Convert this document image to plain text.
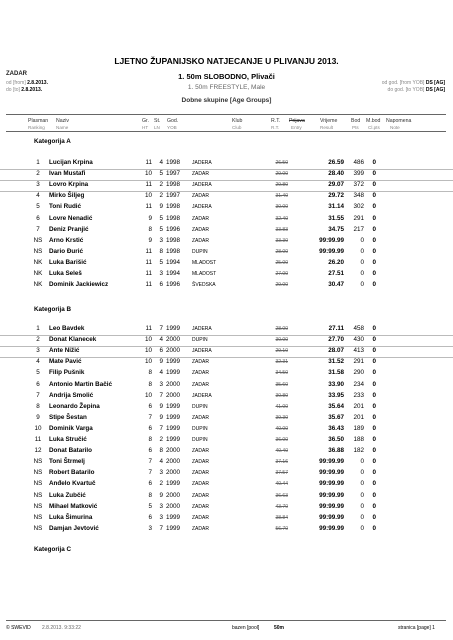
LJETNO ŽUPANIJSKO NATJECANJE U PLIVANJU 2013.
ZADAR	1. 50m SLOBODNO, Plivači
od [from] 2.8.2013.
do [to] 2.8.2013.	1. 50m FREESTYLE, Male
od god. [from YOB] DS [AG]
do god. [to YOB] DS [AG]
Dobne skupine [Age Groups]
Plasman Naziv	Gr. St. God.	Klub	R.T. Prijava	Vrijeme	Bod M.bod Napomena
Ranking Name	HT LN YOB	Club	R.T.	Entry	Result	Pts Cl.pts Note
Kategorija A
1	Lucijan Krpina	11	4 1998 JADERA	26.50	26.59	486	0
2	Ivan Mustafi	10	5 1997 ZADAR	29.00	28.40	399	0
3	Lovro Krpina	11	2 1998 JADERA	29.80	29.07	372	0
4	Mirko Šiljeg	10	2 1997 ZADAR	31.40	29.72	348	0
5	Toni Rudić	11	9 1998 JADERA	30.00	31.14	302	0
6	Lovre Nenadić	9	5 1998 ZADAR	32.40	31.55	291	0
7	Deniz Pranjić	8	5 1996 ZADAR	33.83	34.75	217	0
NS	Arno Krstić	9	3 1998 ZADAR	33.30	99:99.99	0	0
NS	Dario Đurić	11	8 1998 DUPIN	28.00	99:99.99	0	0
NK	Luka Barišić	11	5 1994 MLADOST	25.00	26.20	0	0
NK	Luka Seleš	11	3 1994 MLADOST	27.00	27.51	0	0
NK	Dominik Jackiewicz	11	6 1996 ŠVEDSKA	29.00	30.47	0	0
Kategorija B
1	Leo Bavdek	11	7 1999 JADERA	28.00	27.11	458	0
2	Donat Klanecek	10	4 2000 DUPIN	30.00	27.70	430	0
3	Ante Nižić	10	6 2000 JADERA	29.10	28.07	413	0
4	Mate Pavić	10	9 1999 ZADAR	32.31	31.52	291	0
5	Filip Pušnik	8	4 1999 ZADAR	34.50	31.58	290	0
6	Antonio Martin Bačić	8	3 2000 ZADAR	35.60	33.90	234	0
7	Andrija Smolić	10	7 2000 JADERA	30.80	33.95	233	0
8	Leonardo Žepina	6	9 1999 DUPIN	41.00	35.64	201	0
9	Stipe Šestan	7	9 1999 ZADAR	39.30	35.67	201	0
10	Dominik Varga	6	7 1999 DUPIN	40.00	36.43	189	0
11	Luka Stručić	8	2 1999 DUPIN	36.00	36.50	188	0
12	Donat Batarilo	6	8 2000 ZADAR	40.40	36.88	182	0
NS	Toni Štrmelj	7	4 2000 ZADAR	37.16	99:99.99	0	0
NS	Robert Batarilo	7	3 2000 ZADAR	37.57	99:99.99	0	0
NS	Anđelo Kvartuč	6	2 1999 ZADAR	40.44	99:99.99	0	0
NS	Luka Zubčić	8	9 2000 ZADAR	36.63	99:99.99	0	0
NS	Mihael Matković	5	3 2000 ZADAR	43.70	99:99.99	0	0
NS	Luka Šimurina	6	3 1999 ZADAR	38.84	99:99.99	0	0
NS	Damjan Jevtović	3	7 1999 ZADAR	56.70	99:99.99	0	0
Kategorija C
© SWEVID 2.8.2013. 9:33:22	bazen [pool]	50m	stranica [page] 1
